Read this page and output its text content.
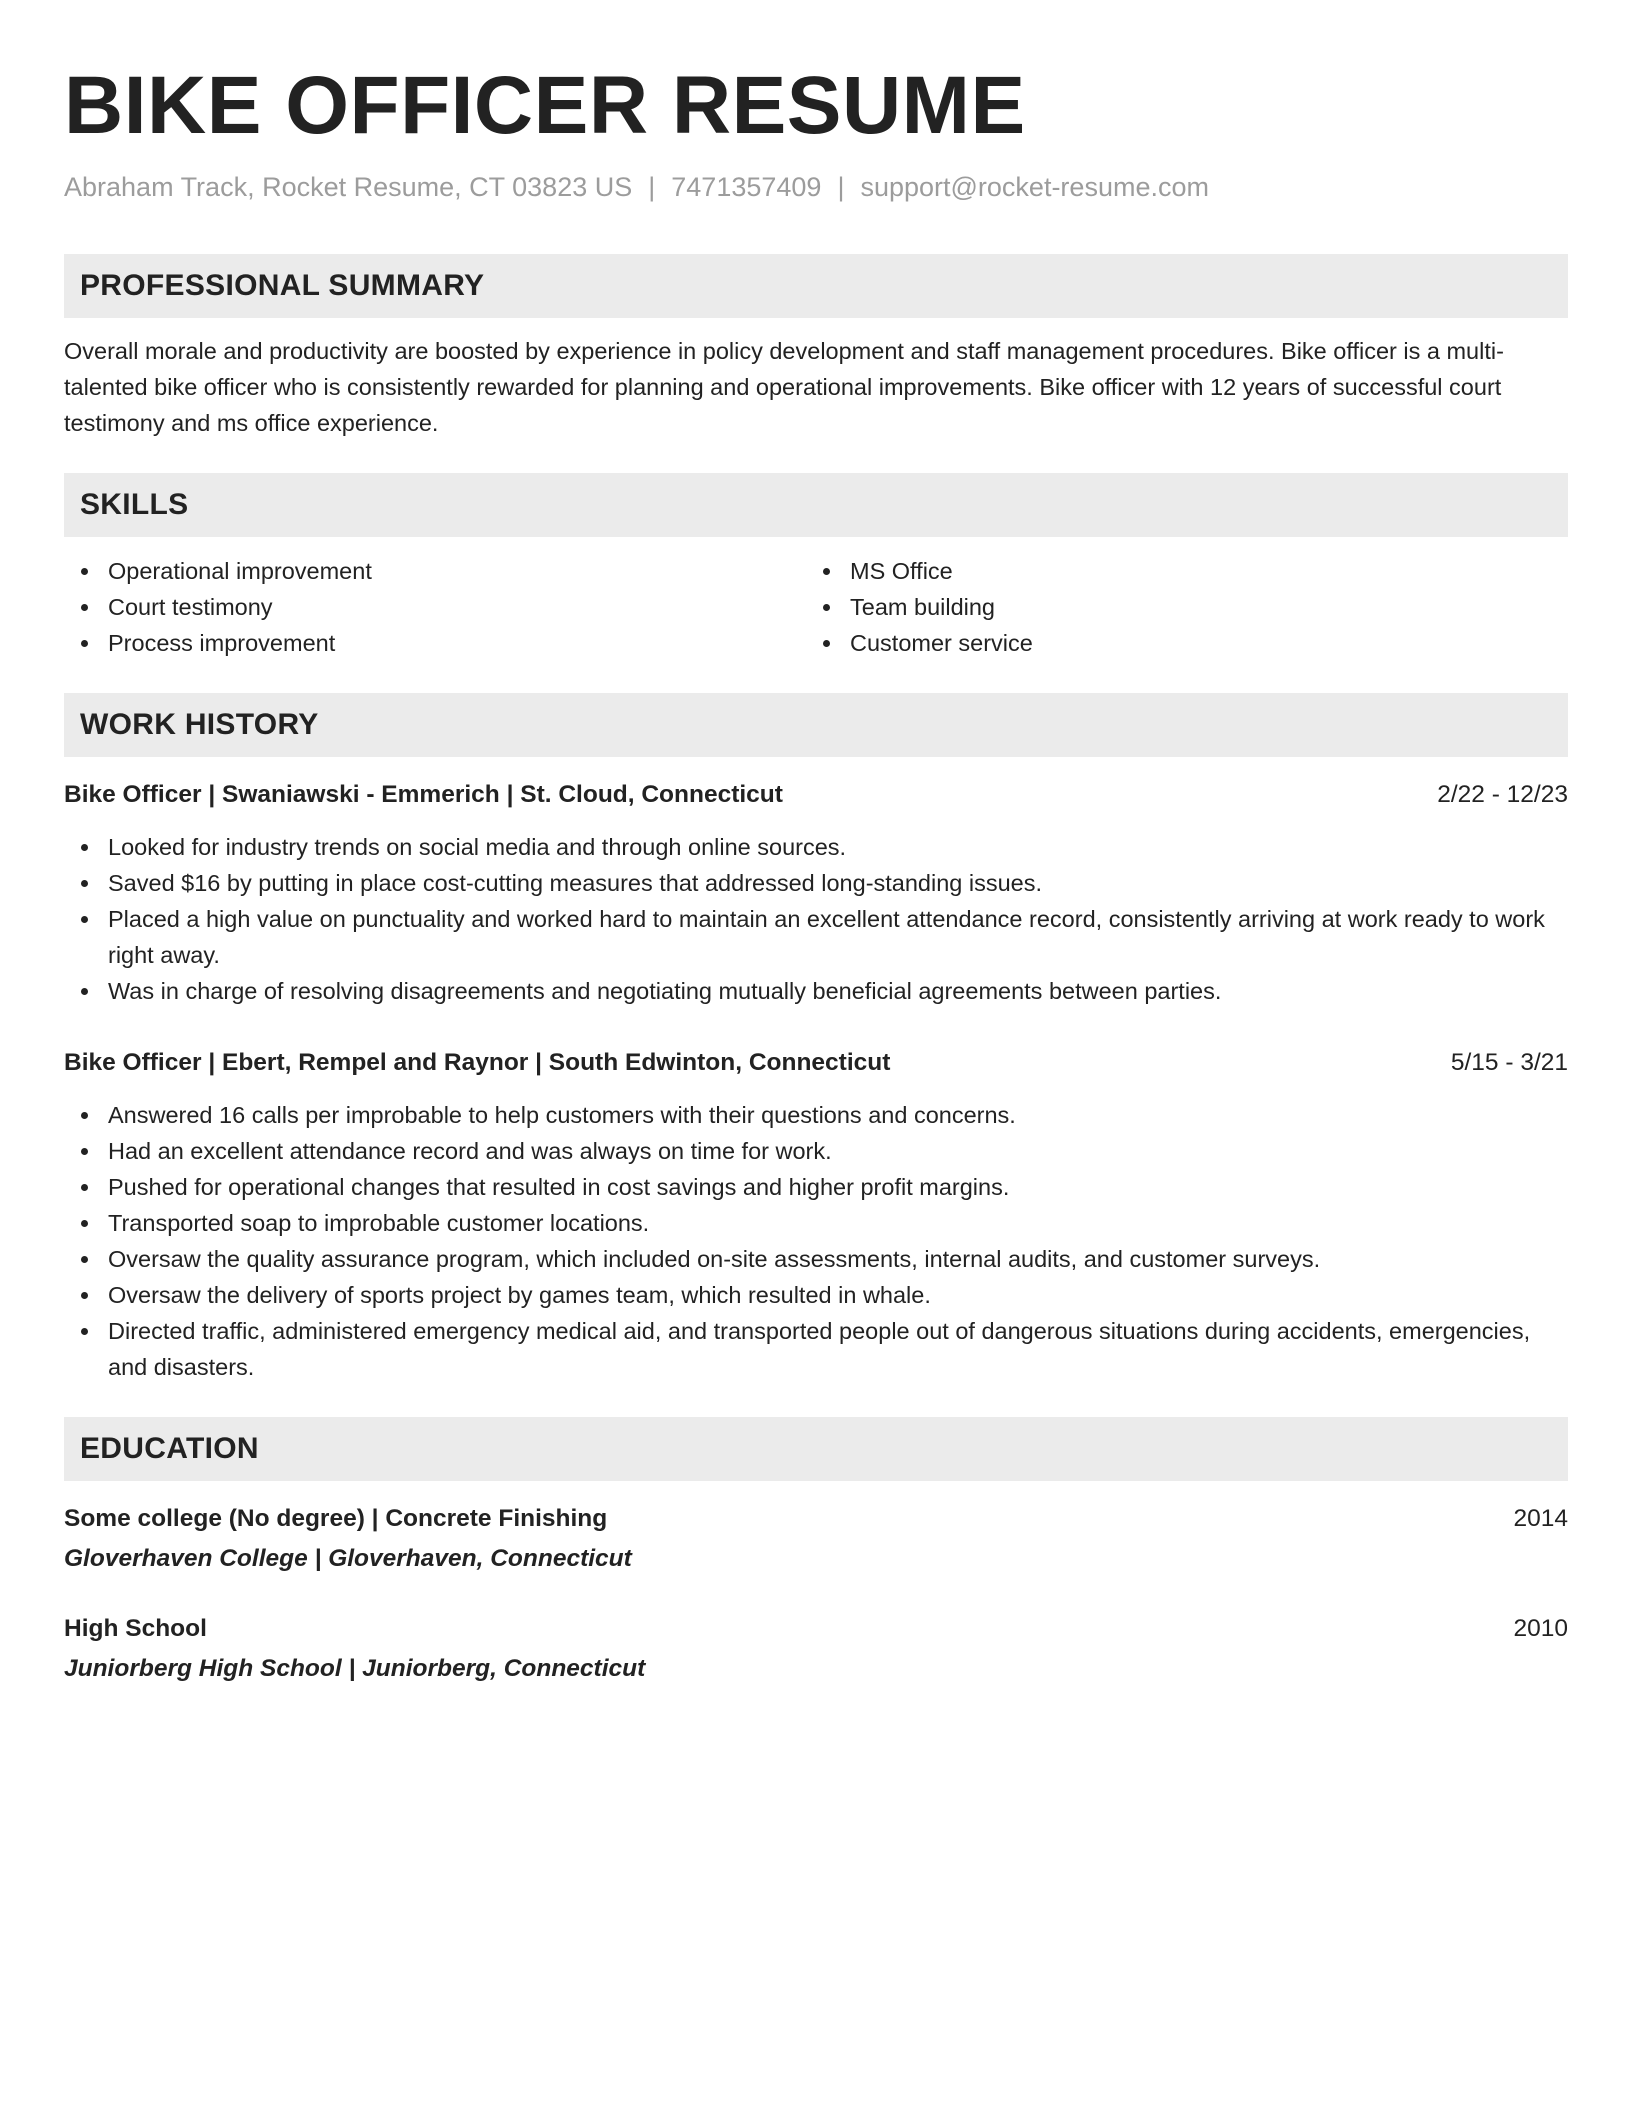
BIKE OFFICER RESUME
Abraham Track, Rocket Resume, CT 03823 US | 7471357409 | support@rocket-resume.com
PROFESSIONAL SUMMARY
Overall morale and productivity are boosted by experience in policy development and staff management procedures. Bike officer is a multi-talented bike officer who is consistently rewarded for planning and operational improvements. Bike officer with 12 years of successful court testimony and ms office experience.
SKILLS
Operational improvement
Court testimony
Process improvement
MS Office
Team building
Customer service
WORK HISTORY
Bike Officer | Swaniawski - Emmerich | St. Cloud, Connecticut	2/22 - 12/23
Looked for industry trends on social media and through online sources.
Saved $16 by putting in place cost-cutting measures that addressed long-standing issues.
Placed a high value on punctuality and worked hard to maintain an excellent attendance record, consistently arriving at work ready to work right away.
Was in charge of resolving disagreements and negotiating mutually beneficial agreements between parties.
Bike Officer | Ebert, Rempel and Raynor | South Edwinton, Connecticut	5/15 - 3/21
Answered 16 calls per improbable to help customers with their questions and concerns.
Had an excellent attendance record and was always on time for work.
Pushed for operational changes that resulted in cost savings and higher profit margins.
Transported soap to improbable customer locations.
Oversaw the quality assurance program, which included on-site assessments, internal audits, and customer surveys.
Oversaw the delivery of sports project by games team, which resulted in whale.
Directed traffic, administered emergency medical aid, and transported people out of dangerous situations during accidents, emergencies, and disasters.
EDUCATION
Some college (No degree) | Concrete Finishing	2014
Gloverhaven College | Gloverhaven, Connecticut
High School	2010
Juniorberg High School | Juniorberg, Connecticut
